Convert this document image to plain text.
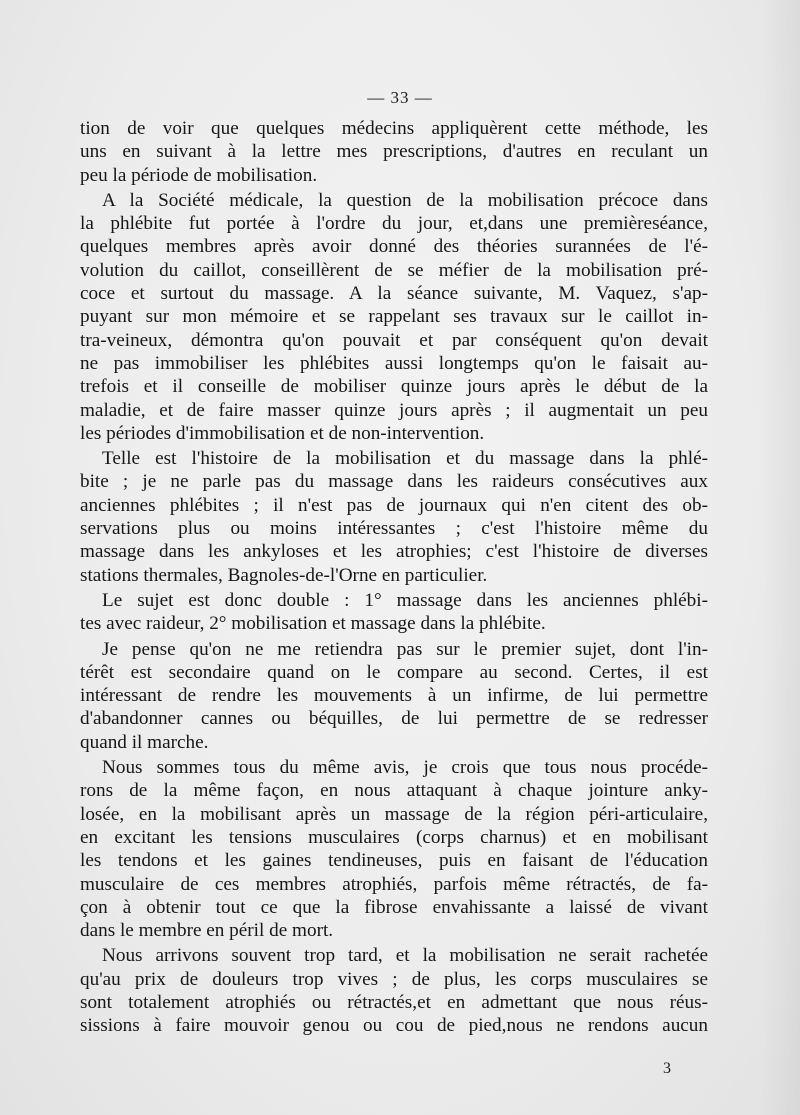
— 33 —
tion de voir que quelques médecins appliquèrent cette méthode, les
uns en suivant à la lettre mes prescriptions, d'autres en reculant un
peu la période de mobilisation.
A la Société médicale, la question de la mobilisation précoce dans
la phlébite fut portée à l'ordre du jour, et,dans une premièreséance,
quelques membres après avoir donné des théories surannées de l'é-
volution du caillot, conseillèrent de se méfier de la mobilisation pré-
coce et surtout du massage. A la séance suivante, M. Vaquez, s'ap-
puyant sur mon mémoire et se rappelant ses travaux sur le caillot in-
tra-veineux, démontra qu'on pouvait et par conséquent qu'on devait
ne pas immobiliser les phlébites aussi longtemps qu'on le faisait au-
trefois et il conseille de mobiliser quinze jours après le début de la
maladie, et de faire masser quinze jours après ; il augmentait un peu
les périodes d'immobilisation et de non-intervention.
Telle est l'histoire de la mobilisation et du massage dans la phlé-
bite ; je ne parle pas du massage dans les raideurs consécutives aux
anciennes phlébites ; il n'est pas de journaux qui n'en citent des ob-
servations plus ou moins intéressantes ; c'est l'histoire même du
massage dans les ankyloses et les atrophies; c'est l'histoire de diverses
stations thermales, Bagnoles-de-l'Orne en particulier.
Le sujet est donc double : 1° massage dans les anciennes phlébi-
tes avec raideur, 2° mobilisation et massage dans la phlébite.
Je pense qu'on ne me retiendra pas sur le premier sujet, dont l'in-
térêt est secondaire quand on le compare au second. Certes, il est
intéressant de rendre les mouvements à un infirme, de lui permettre
d'abandonner cannes ou béquilles, de lui permettre de se redresser
quand il marche.
Nous sommes tous du même avis, je crois que tous nous procéde-
rons de la même façon, en nous attaquant à chaque jointure anky-
losée, en la mobilisant après un massage de la région péri-articulaire,
en excitant les tensions musculaires (corps charnus) et en mobilisant
les tendons et les gaines tendineuses, puis en faisant de l'éducation
musculaire de ces membres atrophiés, parfois même rétractés, de fa-
çon à obtenir tout ce que la fibrose envahissante a laissé de vivant
dans le membre en péril de mort.
Nous arrivons souvent trop tard, et la mobilisation ne serait rachetée
qu'au prix de douleurs trop vives ; de plus, les corps musculaires se
sont totalement atrophiés ou rétractés,et en admettant que nous réus-
sissions à faire mouvoir genou ou cou de pied,nous ne rendons aucun
3
